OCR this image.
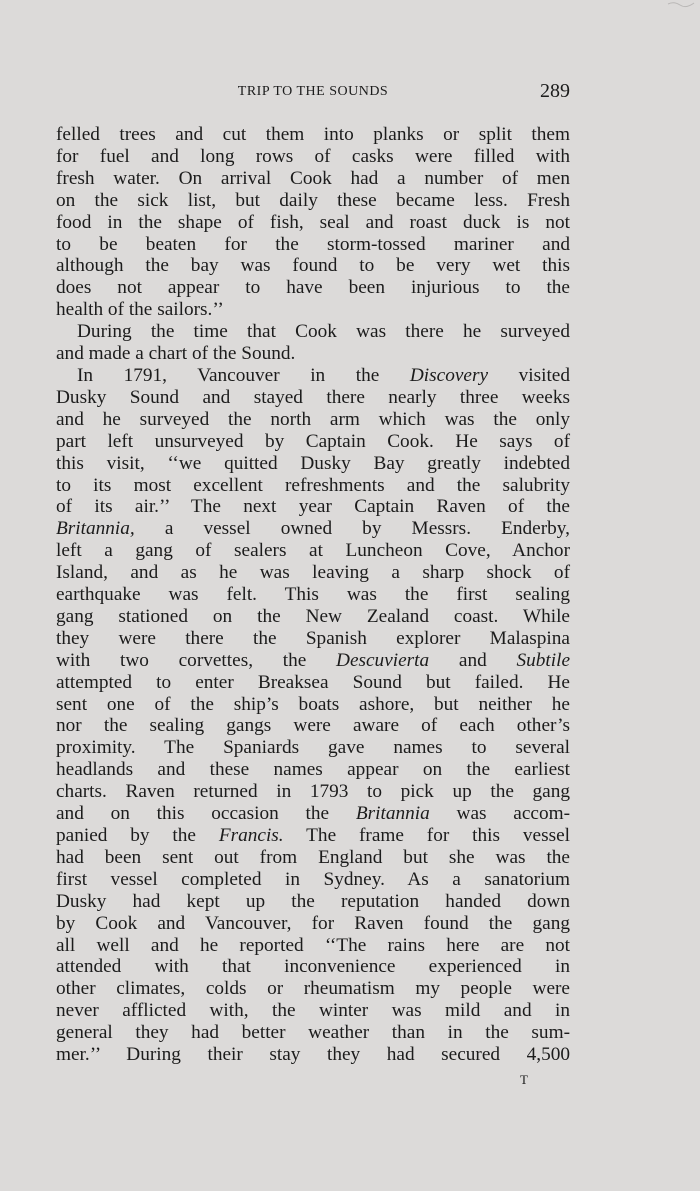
TRIP TO THE SOUNDS	289
felled trees and cut them into planks or split them
for fuel and long rows of casks were filled with
fresh water. On arrival Cook had a number of men
on the sick list, but daily these became less. Fresh
food in the shape of fish, seal and roast duck is not
to be beaten for the storm-tossed mariner and
although the bay was found to be very wet this
does not appear to have been injurious to the
health of the sailors.’’
During the time that Cook was there he surveyed
and made a chart of the Sound.
In 1791, Vancouver in the Discovery visited
Dusky Sound and stayed there nearly three weeks
and he surveyed the north arm which was the only
part left unsurveyed by Captain Cook. He says of
this visit, ‘‘we quitted Dusky Bay greatly indebted
to its most excellent refreshments and the salubrity
of its air.’’ The next year Captain Raven of the
Britannia, a vessel owned by Messrs. Enderby,
left a gang of sealers at Luncheon Cove, Anchor
Island, and as he was leaving a sharp shock of
earthquake was felt. This was the first sealing
gang stationed on the New Zealand coast. While
they were there the Spanish explorer Malaspina
with two corvettes, the Descuvierta and Subtile
attempted to enter Breaksea Sound but failed. He
sent one of the ship’s boats ashore, but neither he
nor the sealing gangs were aware of each other’s
proximity. The Spaniards gave names to several
headlands and these names appear on the earliest
charts. Raven returned in 1793 to pick up the gang
and on this occasion the Britannia was accom-
panied by the Francis. The frame for this vessel
had been sent out from England but she was the
first vessel completed in Sydney. As a sanatorium
Dusky had kept up the reputation handed down
by Cook and Vancouver, for Raven found the gang
all well and he reported ‘‘The rains here are not
attended with that inconvenience experienced in
other climates, colds or rheumatism my people were
never afflicted with, the winter was mild and in
general they had better weather than in the sum-
mer.’’ During their stay they had secured 4,500
T
